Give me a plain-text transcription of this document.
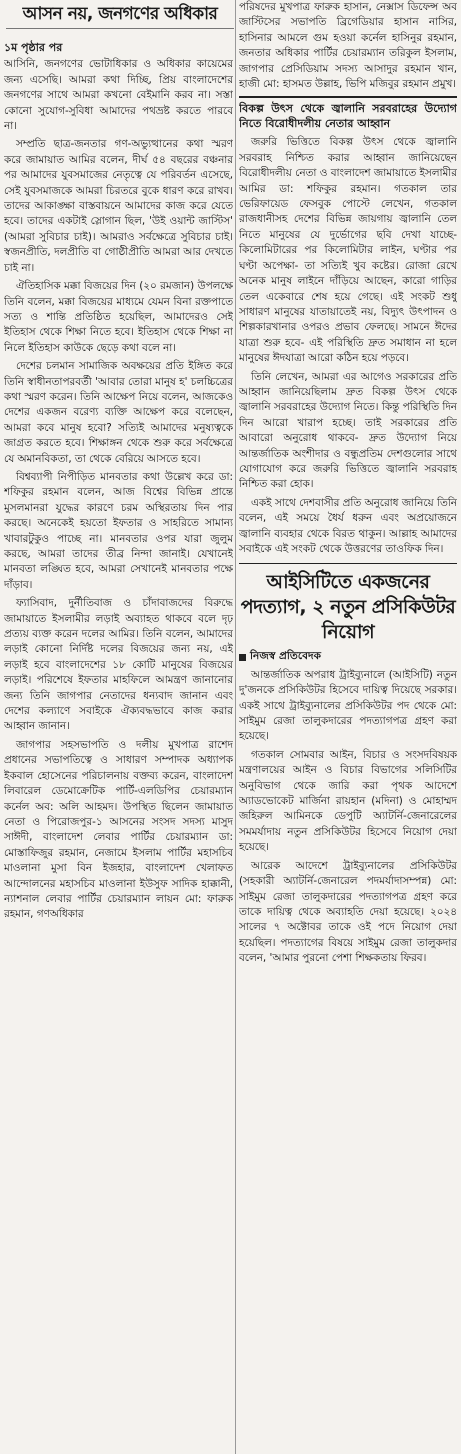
আসন নয়, জনগণের অধিকার

১ম পৃষ্ঠার পর

আসিনি, জনগণের ভোটাধিকার ও অধিকার কায়েমের জন্য এসেছি। আমরা কথা দিচ্ছি, প্রিয় বাংলাদেশের জনগণের সাথে আমরা কখনো বেইমানি করব না। সস্তা কোনো সুযোগ-সুবিধা আমাদের পথভ্রষ্ট করতে পারবে না।

সম্প্রতি ছাত্র-জনতার গণ-অভ্যুত্থানের কথা স্মরণ করে জামায়াত আমির বলেন, দীর্ঘ ৫৪ বছরের বঞ্চনার পর আমাদের যুবসমাজের নেতৃত্বে যে পরিবর্তন এসেছে, সেই যুবসমাজকে আমরা চিরতরে বুকে ধারণ করে রাখব। তাদের আকাঙ্ক্ষা বাস্তবায়নে আমাদের কাজ করে যেতে হবে। তাদের একটাই স্লোগান ছিল, 'উই ওয়ান্ট জাস্টিস' (আমরা সুবিচার চাই)। আমরাও সর্বক্ষেত্রে সুবিচার চাই। স্বজনপ্রীতি, দলপ্রীতি বা গোষ্ঠীপ্রীতি আমরা আর দেখতে চাই না।

ঐতিহাসিক মক্কা বিজয়ের দিন (২০ রমজান) উপলক্ষে তিনি বলেন, মক্কা বিজয়ের মাধ্যমে যেমন বিনা রক্তপাতে সত্য ও শান্তি প্রতিষ্ঠিত হয়েছিল, আমাদেরও সেই ইতিহাস থেকে শিক্ষা নিতে হবে। ইতিহাস থেকে শিক্ষা না নিলে ইতিহাস কাউকে ছেড়ে কথা বলে না।

দেশের চলমান সামাজিক অবক্ষয়ের প্রতি ইঙ্গিত করে তিনি স্বাধীনতাপরবর্তী 'আবার তোরা মানুষ হ' চলচ্চিত্রের কথা স্মরণ করেন। তিনি আক্ষেপ নিয়ে বলেন, আজকেও দেশের একজন বরেণ্য ব্যক্তি আক্ষেপ করে বলেছেন, আমরা কবে মানুষ হবো? সত্যিই আমাদের মনুষ্যত্বকে জাগ্রত করতে হবে। শিক্ষাঙ্গন থেকে শুরু করে সর্বক্ষেত্রে যে অমানবিকতা, তা থেকে বেরিয়ে আসতে হবে।

বিশ্বব্যাপী নিপীড়িত মানবতার কথা উল্লেখ করে ডা: শফিকুর রহমান বলেন, আজ বিশ্বের বিভিন্ন প্রান্তে মুসলমানরা যুদ্ধের কারণে চরম অস্থিরতায় দিন পার করছে। অনেকেই হয়তো ইফতার ও সাহরিতে সামান্য খাবারটুকুও পাচ্ছে না। মানবতার ওপর যারা জুলুম করছে, আমরা তাদের তীব্র নিন্দা জানাই। যেখানেই মানবতা লঙ্ঘিত হবে, আমরা সেখানেই মানবতার পক্ষে দাঁড়াব।

ফ্যাসিবাদ, দুর্নীতিবাজ ও চাঁদাবাজদের বিরুদ্ধে জামায়াতে ইসলামীর লড়াই অব্যাহত থাকবে বলে দৃঢ় প্রত্যয় ব্যক্ত করেন দলের আমির। তিনি বলেন, আমাদের লড়াই কোনো নির্দিষ্ট দলের বিজয়ের জন্য নয়, এই লড়াই হবে বাংলাদেশের ১৮ কোটি মানুষের বিজয়ের লড়াই। পরিশেষে ইফতার মাহফিলে আমন্ত্রণ জানানোর জন্য তিনি জাগপার নেতাদের ধন্যবাদ জানান এবং দেশের কল্যাণে সবাইকে ঐক্যবদ্ধভাবে কাজ করার আহ্বান জানান।

জাগপার সহসভাপতি ও দলীয় মুখপাত্র রাশেদ প্রধানের সভাপতিত্বে ও সাধারণ সম্পাদক অধ্যাপক ইকবাল হোসেনের পরিচালনায় বক্তব্য করেন, বাংলাদেশ লিবারেল ডেমোক্রেটিক পার্টি-এলডিপির চেয়ারম্যান কর্নেল অব: অলি আহমদ। উপস্থিত ছিলেন জামায়াত নেতা ও পিরোজপুর-১ আসনের সংসদ সদস্য মাসুদ সাঈদী, বাংলাদেশ লেবার পার্টির চেয়ারম্যান ডা: মোস্তাফিজুর রহমান, নেজামে ইসলাম পার্টির মহাসচিব মাওলানা মুসা বিন ইজহার, বাংলাদেশ খেলাফত আন্দোলনের মহাসচিব মাওলানা ইউসুফ সাদিক হাক্কানী, ন্যাশনাল লেবার পার্টির চেয়ারম্যান লায়ন মো: ফারুক রহমান, গণঅধিকার

পরিষদের মুখপাত্র ফারুক হাসান, নেক্সাস ডিফেন্স অব জাস্টিসের সভাপতি ব্রিগেডিয়ার হাসান নাসির, হাসিনার আমলে গুম হওয়া কর্নেল হাসিনুর রহমান, জনতার অধিকার পার্টির চেয়ারম্যান তরিকুল ইসলাম, জাগপার প্রেসিডিয়াম সদস্য আসাদুর রহমান খান, হাজী মো: হাসমত উল্লাহ, ভিপি মজিবুর রহমান প্রমুখ।

বিকল্প উৎস থেকে জ্বালানি সরবরাহের উদ্যোগ নিতে বিরোধীদলীয় নেতার আহ্বান

জরুরি ভিত্তিতে বিকল্প উৎস থেকে জ্বালানি সরবরাহ নিশ্চিত করার আহ্বান জানিয়েছেন বিরোধীদলীয় নেতা ও বাংলাদেশ জামায়াতে ইসলামীর আমির ডা: শফিকুর রহমান। গতকাল তার ভেরিফায়েড ফেসবুক পোস্টে লেখেন, গতকাল রাজধানীসহ দেশের বিভিন্ন জায়গায় জ্বালানি তেল নিতে মানুষের যে দুর্ভোগের ছবি দেখা যাচ্ছে- কিলোমিটারের পর কিলোমিটার লাইন, ঘণ্টার পর ঘণ্টা অপেক্ষা- তা সত্যিই খুব কষ্টের। রোজা রেখে অনেক মানুষ লাইনে দাঁড়িয়ে আছেন, কারো গাড়ির তেল একেবারে শেষ হয়ে গেছে। এই সংকট শুধু সাধারণ মানুষের যাতায়াতেই নয়, বিদ্যুৎ উৎপাদন ও শিল্পকারখানার ওপরও প্রভাব ফেলছে। সামনে ঈদের যাত্রা শুরু হবে- এই পরিস্থিতি দ্রুত সমাধান না হলে মানুষের ঈদযাত্রা আরো কঠিন হয়ে পড়বে।

তিনি লেখেন, আমরা এর আগেও সরকারের প্রতি আহ্বান জানিয়েছিলাম দ্রুত বিকল্প উৎস থেকে জ্বালানি সরবরাহের উদ্যোগ নিতে। কিন্তু পরিস্থিতি দিন দিন আরো খারাপ হচ্ছে। তাই সরকারের প্রতি আবারো অনুরোধ থাকবে- দ্রুত উদ্যোগ নিয়ে আন্তর্জাতিক অংশীদার ও বন্ধুপ্রতিম দেশগুলোর সাথে যোগাযোগ করে জরুরি ভিত্তিতে জ্বালানি সরবরাহ নিশ্চিত করা হোক।

একই সাথে দেশবাসীর প্রতি অনুরোধ জানিয়ে তিনি বলেন, এই সময়ে ধৈর্য ধরুন এবং অপ্রয়োজনে জ্বালানি ব্যবহার থেকে বিরত থাকুন। আল্লাহ আমাদের সবাইকে এই সংকট থেকে উত্তরণের তাওফিক দিন।

আইসিটিতে একজনের পদত্যাগ, ২ নতুন প্রসিকিউটর নিয়োগ

নিজস্ব প্রতিবেদক

আন্তর্জাতিক অপরাধ ট্রাইব্যুনালে (আইসিটি) নতুন দু'জনকে প্রসিকিউটর হিসেবে দায়িত্ব দিয়েছে সরকার। একই সাথে ট্রাইব্যুনালের প্রসিকিউটর পদ থেকে মো: সাইমুম রেজা তালুকদারের পদত্যাগপত্র গ্রহণ করা হয়েছে।

গতকাল সোমবার আইন, বিচার ও সংসদবিষয়ক মন্ত্রণালয়ের আইন ও বিচার বিভাগের সলিসিটির অনুবিভাগ থেকে জারি করা পৃথক আদেশে অ্যাডভোকেট মার্জিনা রায়হান (মদিনা) ও মোহাম্মদ জহিরুল আমিনকে ডেপুটি অ্যাটর্নি-জেনারেলের সমমর্যাদায় নতুন প্রসিকিউটর হিসেবে নিয়োগ দেয়া হয়েছে।

আরেক আদেশে ট্রাইব্যুনালের প্রসিকিউটর (সহকারী অ্যাটর্নি-জেনারেল পদমর্যাদাসম্পন্ন) মো: সাইমুম রেজা তালুকদারের পদত্যাগপত্র গ্রহণ করে তাকে দায়িত্ব থেকে অব্যাহতি দেয়া হয়েছে। ২০২৪ সালের ৭ অক্টোবর তাকে ওই পদে নিয়োগ দেয়া হয়েছিল। পদত্যাগের বিষয়ে সাইমুম রেজা তালুকদার বলেন, 'আমার পুরনো পেশা শিক্ষকতায় ফিরব।
